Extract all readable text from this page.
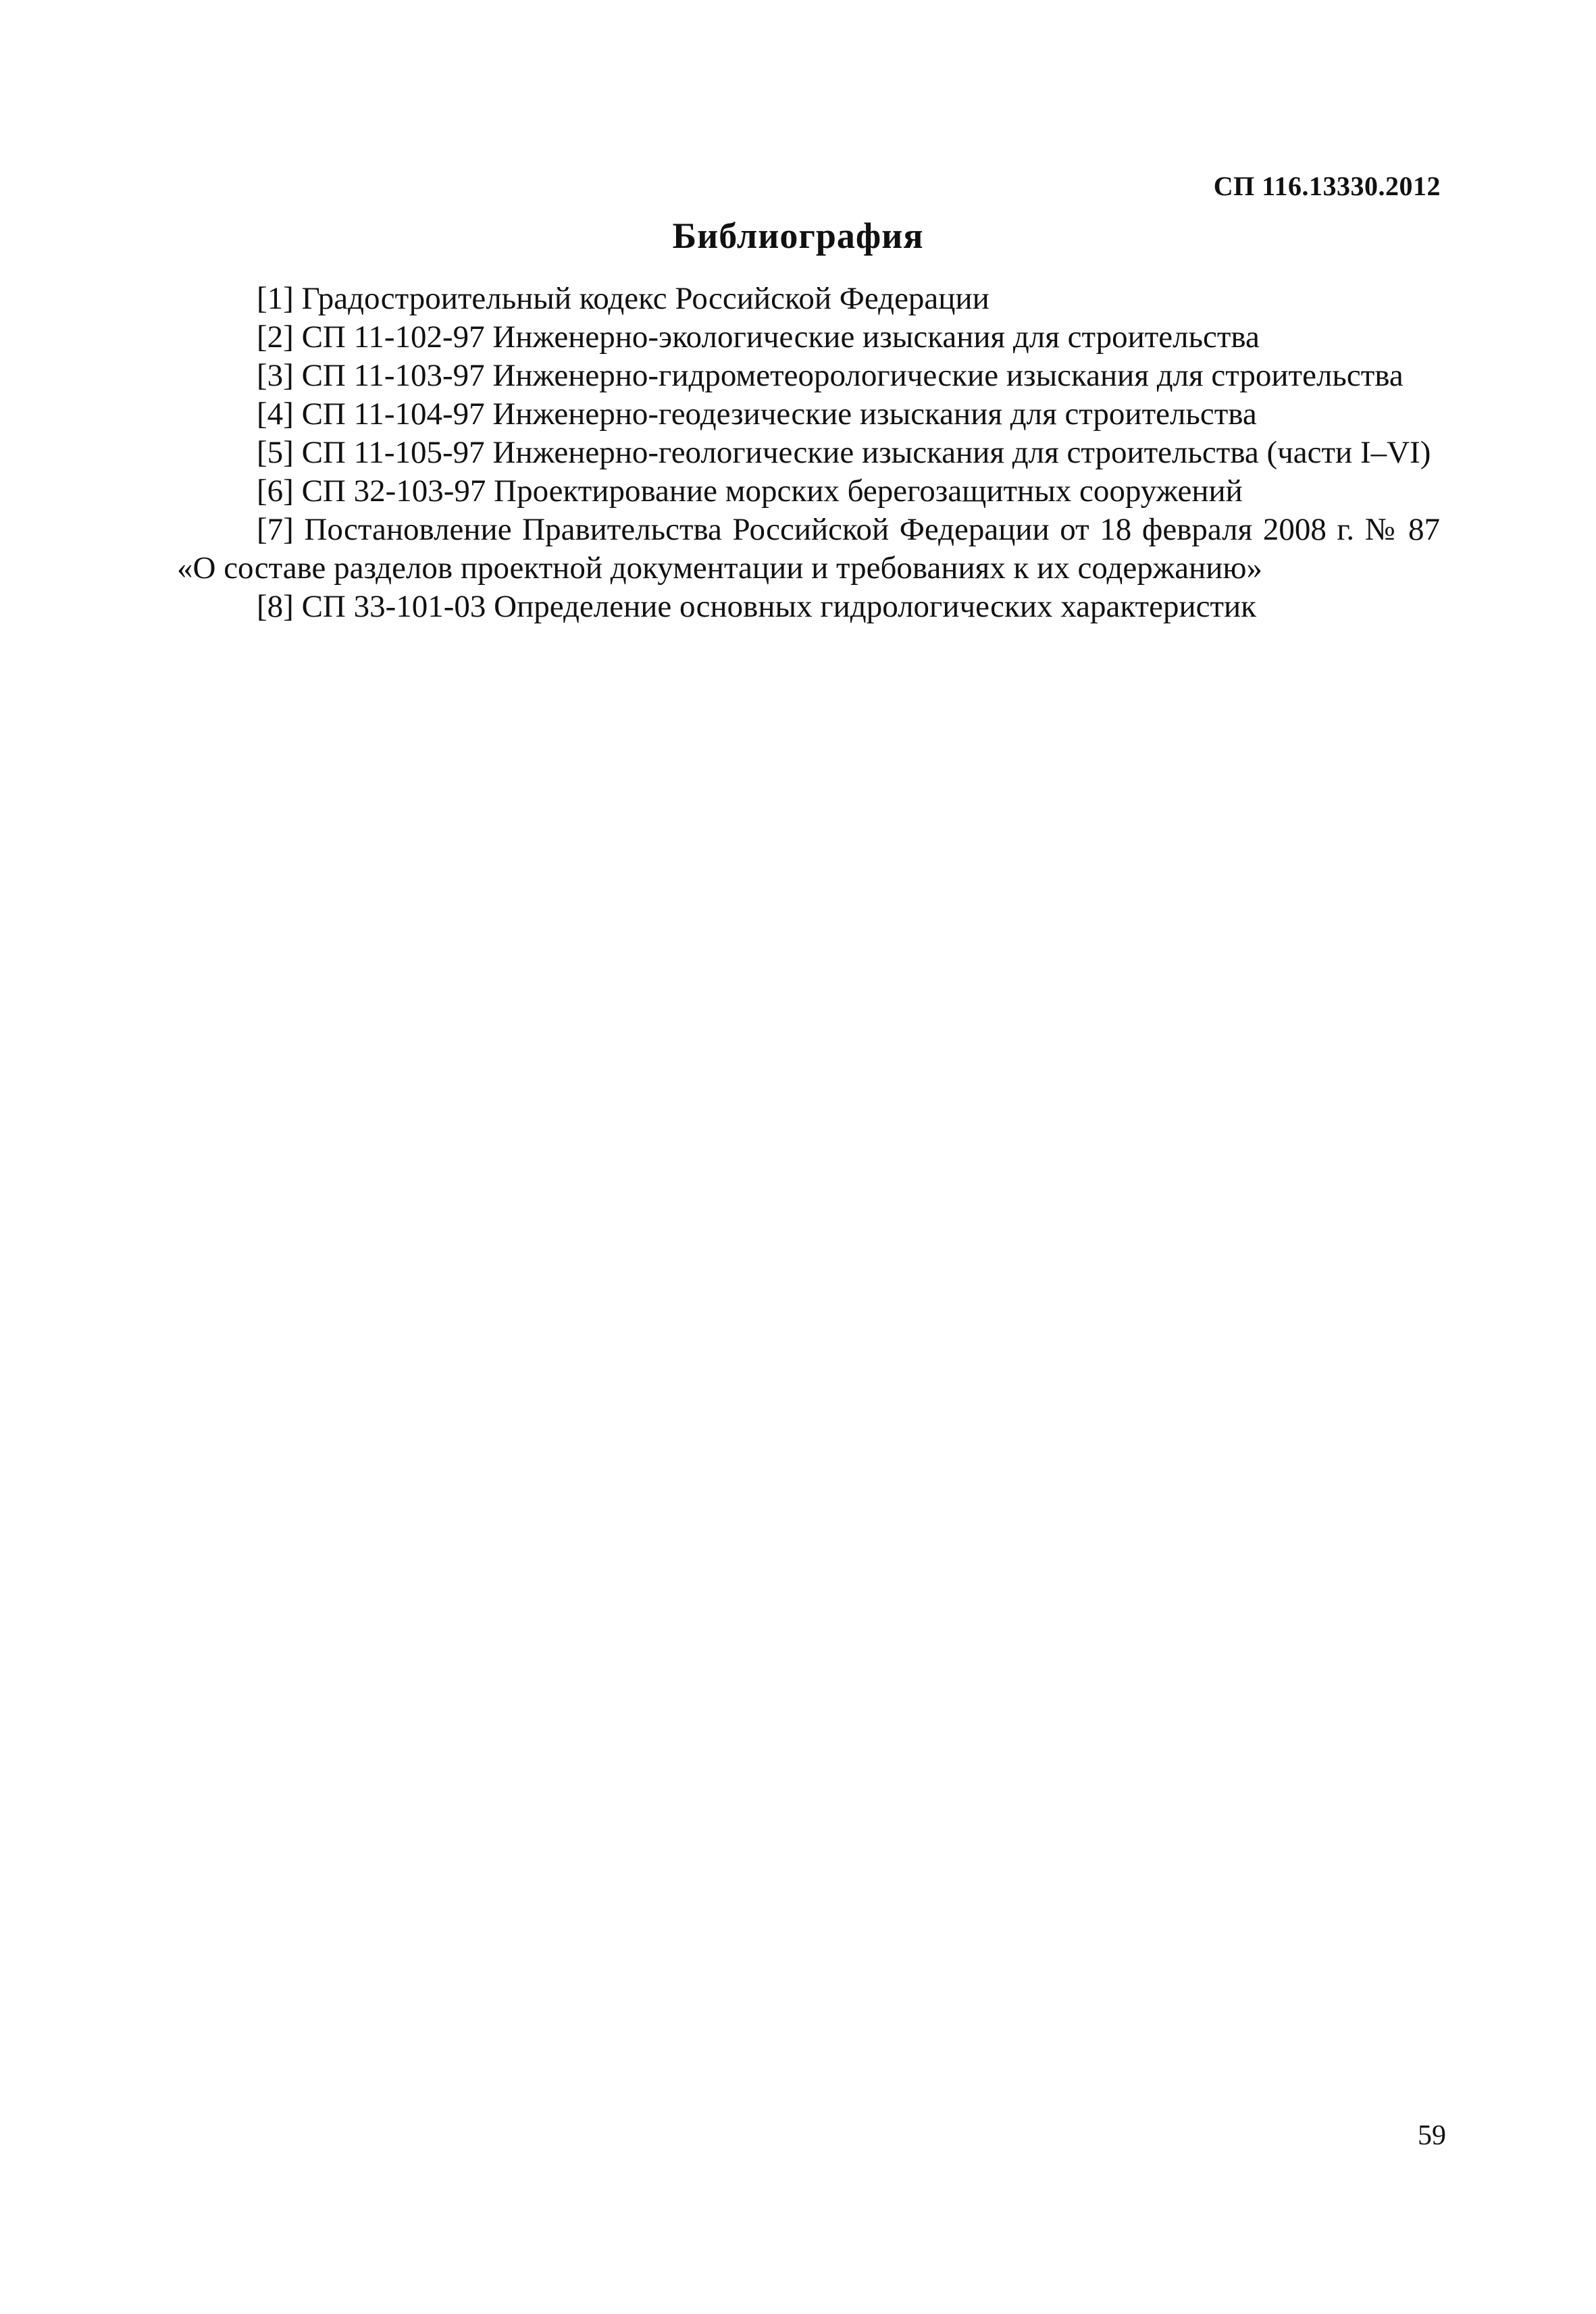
СП 116.13330.2012
Библиография

[1] Градостроительный кодекс Российской Федерации

[2] СП 11-102-97 Инженерно-экологические изыскания для строительства

[3] СП 11-103-97 Инженерно-гидрометеорологические изыскания для строительства

[4] СП 11-104-97 Инженерно-геодезические изыскания для строительства

[5] СП 11-105-97 Инженерно-геологические изыскания для строительства (части I–VI)

[6] СП 32-103-97 Проектирование морских берегозащитных сооружений

[7] Постановление Правительства Российской Федерации от 18 февраля 2008 г. № 87 «О составе разделов проектной документации и требованиях к их содержанию»

[8] СП 33-101-03 Определение основных гидрологических характеристик

59
